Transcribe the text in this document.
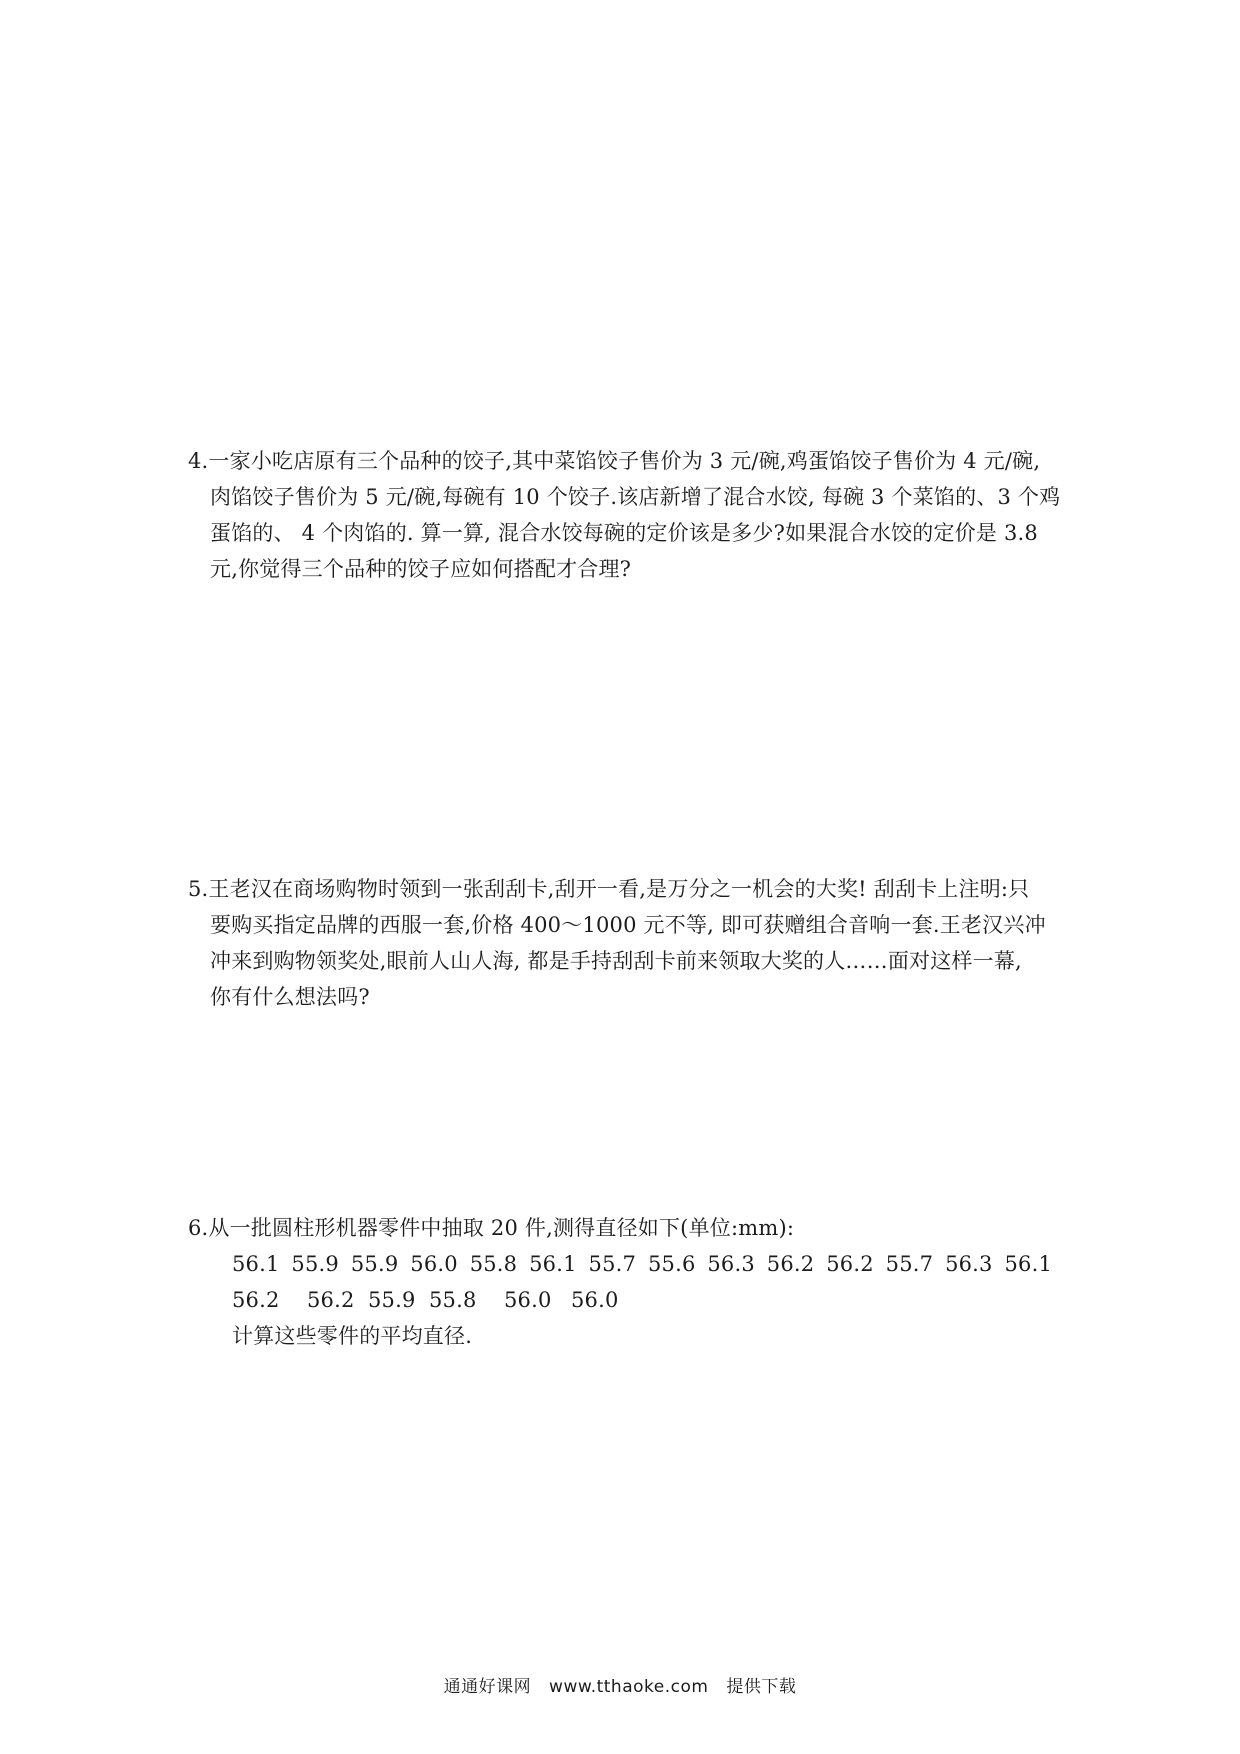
4.一家小吃店原有三个品种的饺子,其中菜馅饺子售价为 3 元/碗,鸡蛋馅饺子售价为 4 元/碗,
肉馅饺子售价为 5 元/碗,每碗有 10 个饺子.该店新增了混合水饺, 每碗 3 个菜馅的、3 个鸡
蛋馅的、 4 个肉馅的. 算一算, 混合水饺每碗的定价该是多少?如果混合水饺的定价是 3.8
元,你觉得三个品种的饺子应如何搭配才合理?
5.王老汉在商场购物时领到一张刮刮卡,刮开一看,是万分之一机会的大奖! 刮刮卡上注明:只
要购买指定品牌的西服一套,价格 400～1000 元不等, 即可获赠组合音响一套.王老汉兴冲
冲来到购物领奖处,眼前人山人海, 都是手持刮刮卡前来领取大奖的人……面对这样一幕,
你有什么想法吗?
6.从一批圆柱形机器零件中抽取 20 件,测得直径如下(单位:mm):
56.1 55.9 55.9 56.0 55.8 56.1 55.7 55.6 56.3 56.2 56.2 55.7 56.3 56.1
56.2	56.2 55.9 55.8	56.0 56.0
计算这些零件的平均直径.
通通好课网 www.tthaoke.com 提供下载
